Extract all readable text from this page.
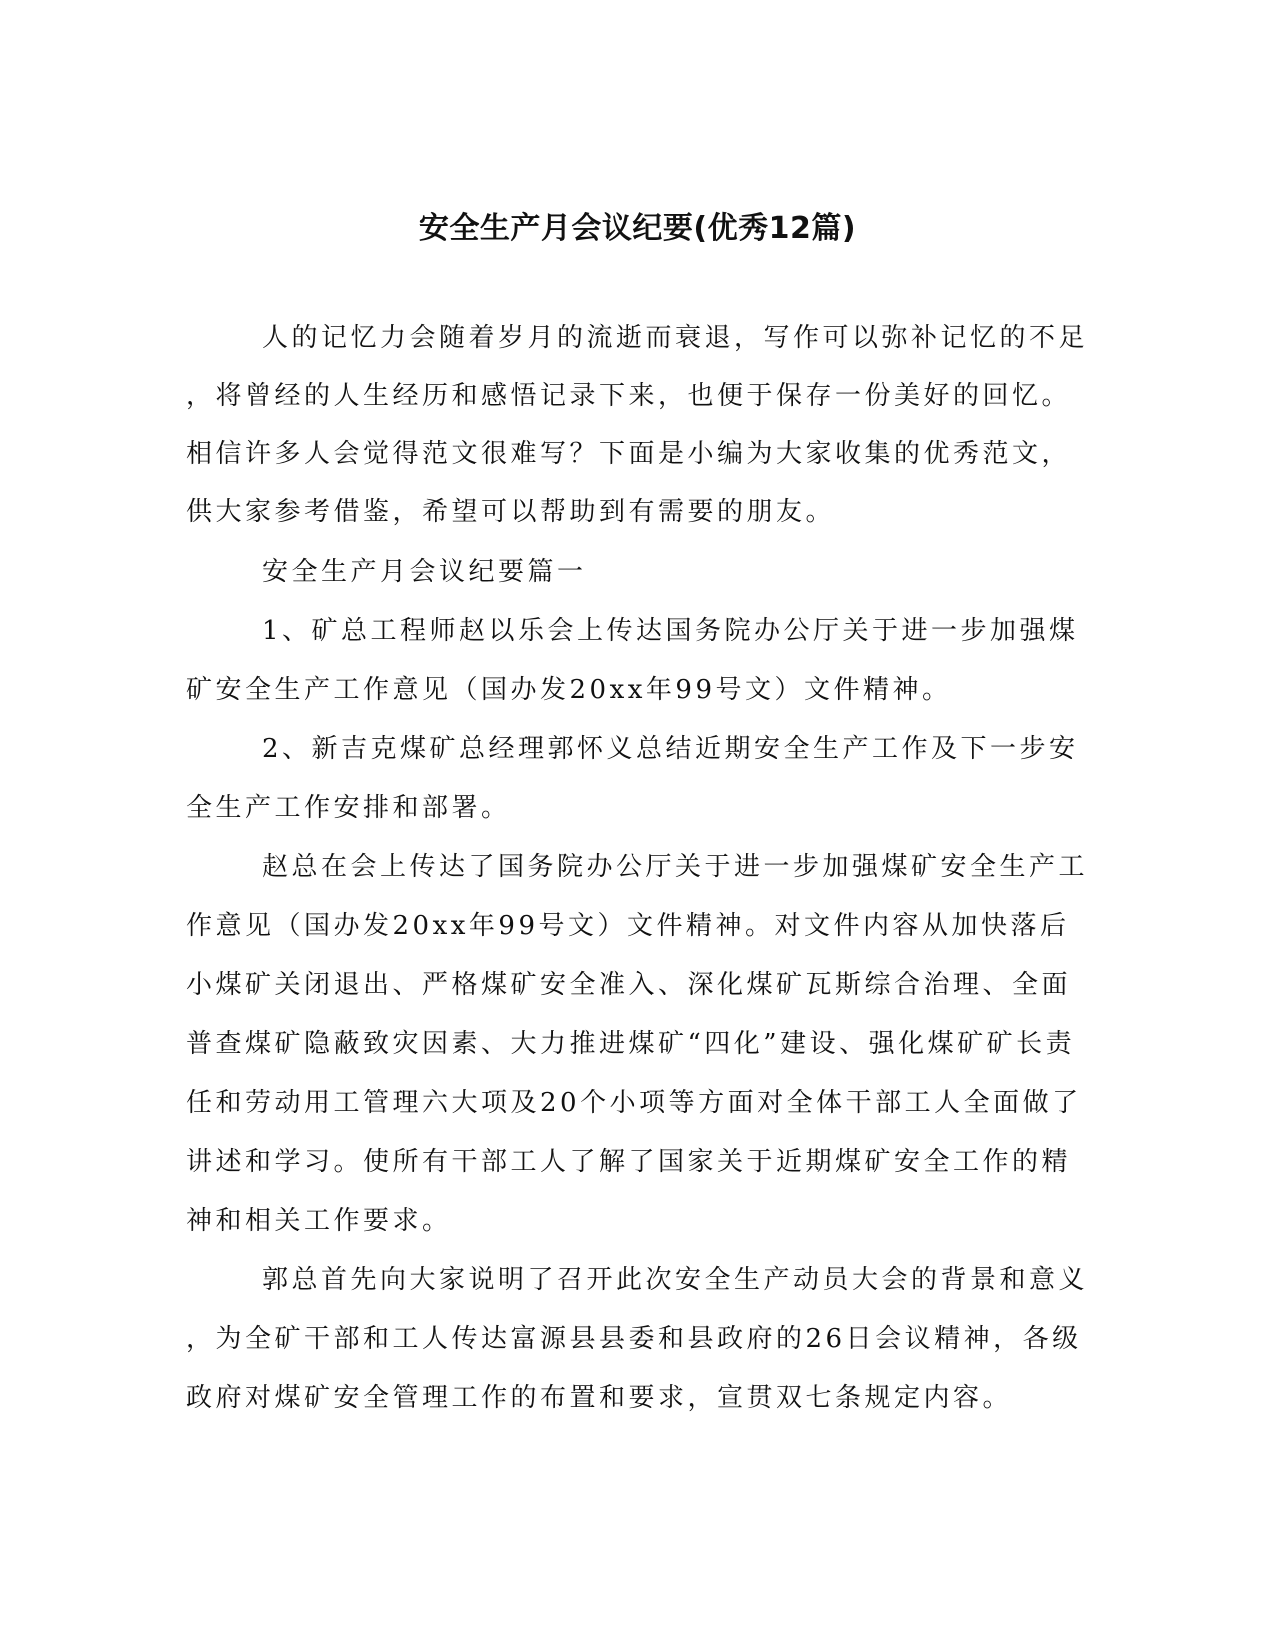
安全生产月会议纪要(优秀12篇)

人的记忆力会随着岁月的流逝而衰退，写作可以弥补记忆的不足

，将曾经的人生经历和感悟记录下来，也便于保存一份美好的回忆。

相信许多人会觉得范文很难写？下面是小编为大家收集的优秀范文，

供大家参考借鉴，希望可以帮助到有需要的朋友。

安全生产月会议纪要篇一

1、矿总工程师赵以乐会上传达国务院办公厅关于进一步加强煤

矿安全生产工作意见（国办发20xx年99号文）文件精神。

2、新吉克煤矿总经理郭怀义总结近期安全生产工作及下一步安

全生产工作安排和部署。

赵总在会上传达了国务院办公厅关于进一步加强煤矿安全生产工

作意见（国办发20xx年99号文）文件精神。对文件内容从加快落后

小煤矿关闭退出、严格煤矿安全准入、深化煤矿瓦斯综合治理、全面

普查煤矿隐蔽致灾因素、大力推进煤矿“四化”建设、强化煤矿矿长责

任和劳动用工管理六大项及20个小项等方面对全体干部工人全面做了

讲述和学习。使所有干部工人了解了国家关于近期煤矿安全工作的精

神和相关工作要求。

郭总首先向大家说明了召开此次安全生产动员大会的背景和意义

，为全矿干部和工人传达富源县县委和县政府的26日会议精神，各级

政府对煤矿安全管理工作的布置和要求，宣贯双七条规定内容。
